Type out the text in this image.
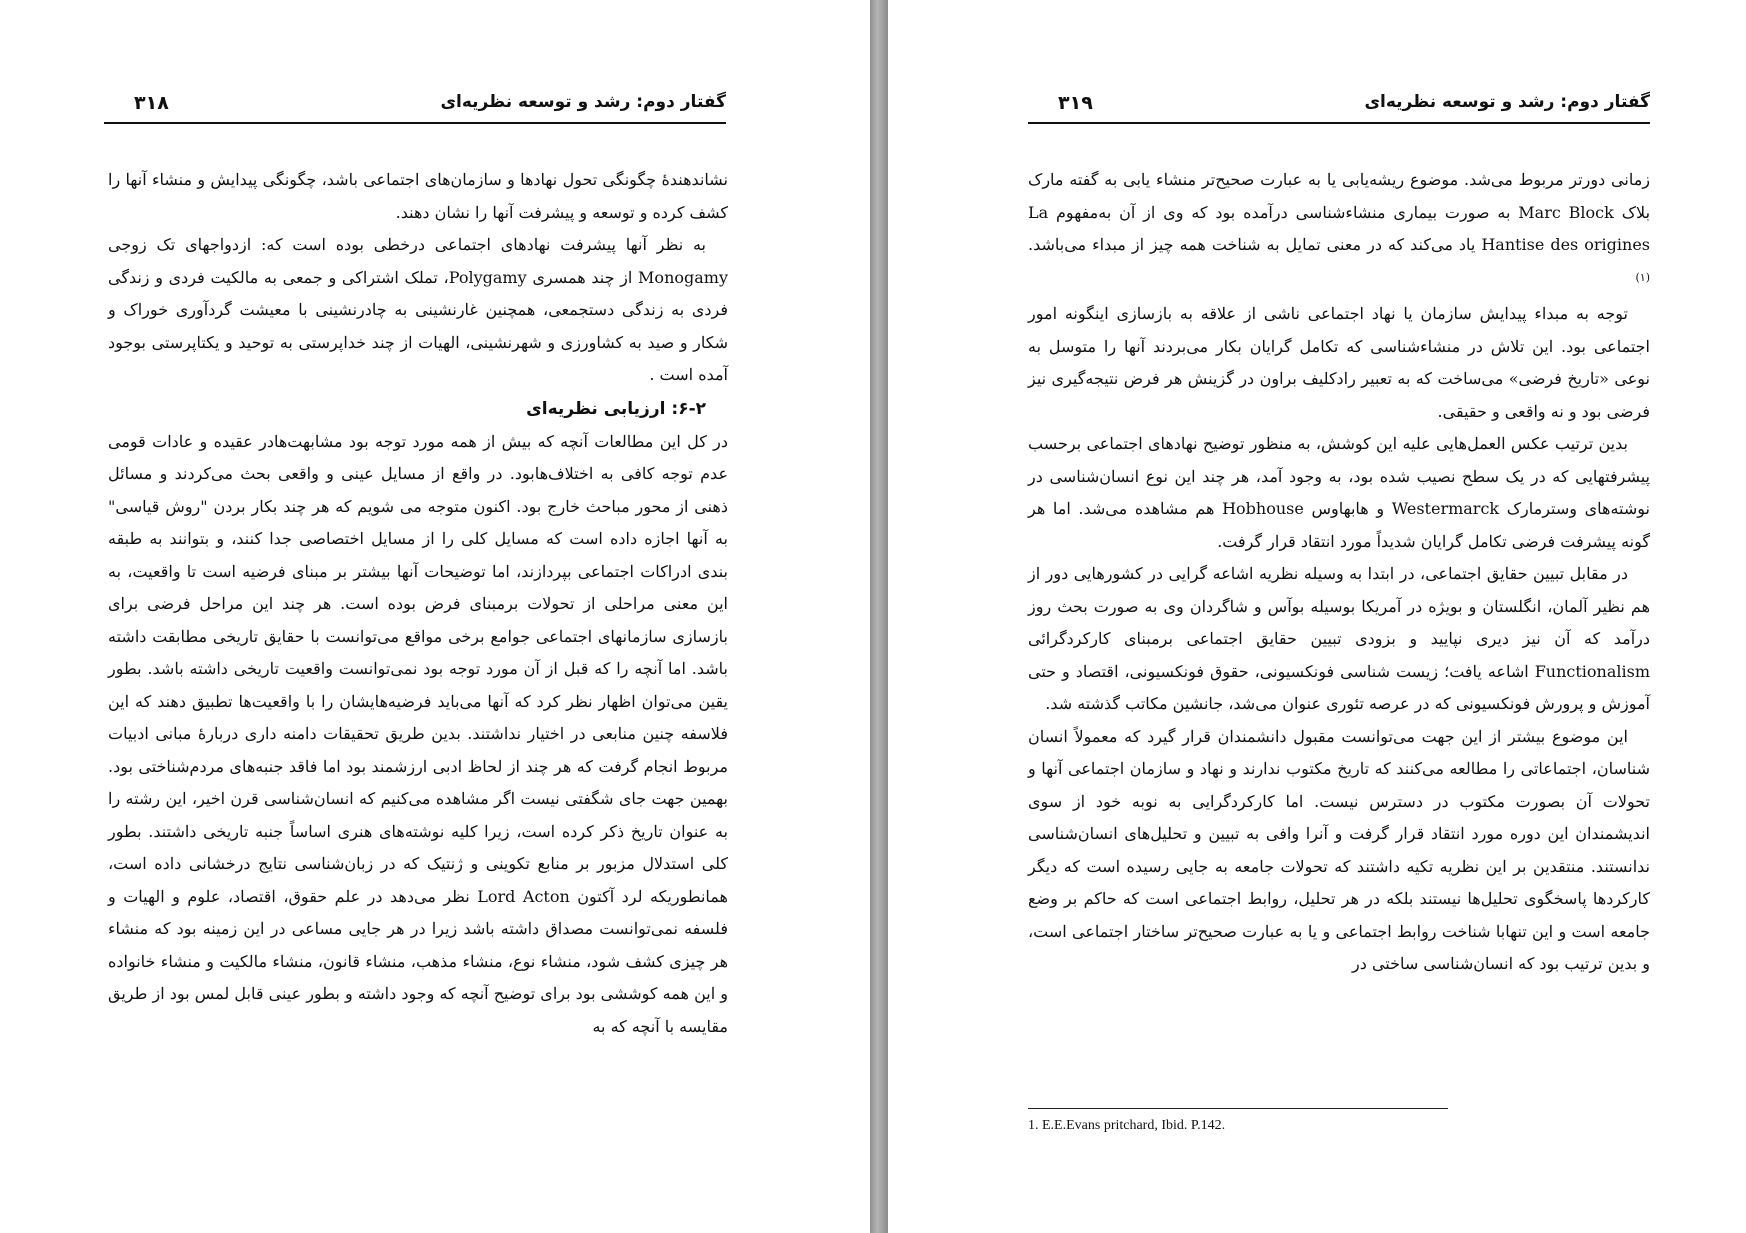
گفتار دوم: رشد و توسعه نظریه‌ای
۳۱۸

نشاندهندهٔ چگونگی تحول نهادها و سازمان‌های اجتماعی باشد، چگونگی پیدایش و منشاء آنها را کشف کرده و توسعه و پیشرفت آنها را نشان دهند.

به نظر آنها پیشرفت نهادهای اجتماعی درخطی بوده است که: ازدواجهای تک زوجی Monogamy از چند همسری Polygamy، تملک اشتراکی و جمعی به مالکیت فردی و زندگی فردی به زندگی دستجمعی، همچنین غارنشینی به چادرنشینی با معیشت گردآوری خوراک و شکار و صید به کشاورزی و شهرنشینی، الهیات از چند خداپرستی به توحید و یکتاپرستی بوجود آمده است .

۶-۲: ارزیابی نظریه‌ای

در کل این مطالعات آنچه که بیش از همه مورد توجه بود مشابهت‌هادر عقیده و عادات قومی عدم توجه کافی به اختلاف‌هابود. در واقع از مسایل عینی و واقعی بحث می‌کردند و مسائل ذهنی از محور مباحث خارج بود. اکنون متوجه می شویم که هر چند بکار بردن "روش قیاسی" به آنها اجازه داده است که مسایل کلی را از مسایل اختصاصی جدا کنند، و بتوانند به طبقه بندی ادراکات اجتماعی بپردازند، اما توضیحات آنها بیشتر بر مبنای فرضیه است تا واقعیت، به این معنی مراحلی از تحولات برمبنای فرض بوده است. هر چند این مراحل فرضی برای بازسازی سازمانهای اجتماعی جوامع برخی مواقع می‌توانست با حقایق تاریخی مطابقت داشته باشد. اما آنچه را که قبل از آن مورد توجه بود نمی‌توانست واقعیت تاریخی داشته باشد. بطور یقین می‌توان اظهار نظر کرد که آنها می‌باید فرضیه‌هایشان را با واقعیت‌ها تطبیق دهند که این فلاسفه چنین منابعی در اختیار نداشتند. بدین طریق تحقیقات دامنه داری دربارهٔ مبانی ادبیات مربوط انجام گرفت که هر چند از لحاظ ادبی ارزشمند بود اما فاقد جنبه‌های مردم‌شناختی بود. بهمین جهت جای شگفتی نیست اگر مشاهده می‌کنیم که انسان‌شناسی قرن اخیر، این رشته را به عنوان تاریخ ذکر کرده است، زیرا کلیه نوشته‌های هنری اساساً جنبه تاریخی داشتند. بطور کلی استدلال مزبور بر منابع تکوینی و ژنتیک که در زبان‌شناسی نتایج درخشانی داده است، همانطوریکه لرد آکتون Lord Acton نظر می‌دهد در علم حقوق، اقتصاد، علوم و الهیات و فلسفه نمی‌توانست مصداق داشته باشد زیرا در هر جایی مساعی در این زمینه بود که منشاء هر چیزی کشف شود، منشاء نوع، منشاء مذهب، منشاء قانون، منشاء مالکیت و منشاء خانواده و این همه کوششی بود برای توضیح آنچه که وجود داشته و بطور عینی قابل لمس بود از طریق مقایسه با آنچه که به

گفتار دوم: رشد و توسعه نظریه‌ای
۳۱۹

زمانی دورتر مربوط می‌شد. موضوع ریشه‌یابی یا به عبارت صحیح‌تر منشاء یابی به گفته مارک بلاک Marc Block به صورت بیماری منشاءشناسی درآمده بود که وی از آن به‌مفهوم La Hantise des origines یاد می‌کند که در معنی تمایل به شناخت همه چیز از مبداء می‌باشد. $^{(۱)}$

توجه به مبداء پیدایش سازمان یا نهاد اجتماعی ناشی از علاقه به بازسازی اینگونه امور اجتماعی بود. این تلاش در منشاءشناسی که تکامل گرایان بکار می‌بردند آنها را متوسل به نوعی «تاریخ فرضی» می‌ساخت که به تعبیر رادکلیف براون در گزینش هر فرض نتیجه‌گیری نیز فرضی بود و نه واقعی و حقیقی.

بدین ترتیب عکس العمل‌هایی علیه این کوشش، به منظور توضیح نهادهای اجتماعی برحسب پیشرفتهایی که در یک سطح نصیب شده بود، به وجود آمد، هر چند این نوع انسان‌شناسی در نوشته‌های وسترمارک Westermarck و هابهاوس Hobhouse هم مشاهده می‌شد. اما هر گونه پیشرفت فرضی تکامل گرایان شدیداً مورد انتقاد قرار گرفت.

در مقابل تبیین حقایق اجتماعی، در ابتدا به وسیله نظریه اشاعه گرایی در کشورهایی دور از هم نظیر آلمان، انگلستان و بویژه در آمریکا بوسیله بوآس و شاگردان وی به صورت بحث روز درآمد که آن نیز دیری نپایید و بزودی تبیین حقایق اجتماعی برمبنای کارکردگرائی Functionalism اشاعه یافت؛ زیست شناسی فونکسیونی، حقوق فونکسیونی، اقتصاد و حتی آموزش و پرورش فونکسیونی که در عرصه تئوری عنوان می‌شد، جانشین مکاتب گذشته شد.

این موضوع بیشتر از این جهت می‌توانست مقبول دانشمندان قرار گیرد که معمولاً انسان شناسان، اجتماعاتی را مطالعه می‌کنند که تاریخ مکتوب ندارند و نهاد و سازمان اجتماعی آنها و تحولات آن بصورت مکتوب در دسترس نیست. اما کارکردگرایی به نوبه خود از سوی اندیشمندان این دوره مورد انتقاد قرار گرفت و آنرا وافی به تبیین و تحلیل‌های انسان‌شناسی ندانستند. منتقدین بر این نظریه تکیه داشتند که تحولات جامعه به جایی رسیده است که دیگر کارکردها پاسخگوی تحلیل‌ها نیستند بلکه در هر تحلیل، روابط اجتماعی است که حاکم بر وضع جامعه است و این تنهابا شناخت روابط اجتماعی و یا به عبارت صحیح‌تر ساختار اجتماعی است، و بدین ترتیب بود که انسان‌شناسی ساختی در

1. E.E.Evans pritchard, Ibid. P.142.
